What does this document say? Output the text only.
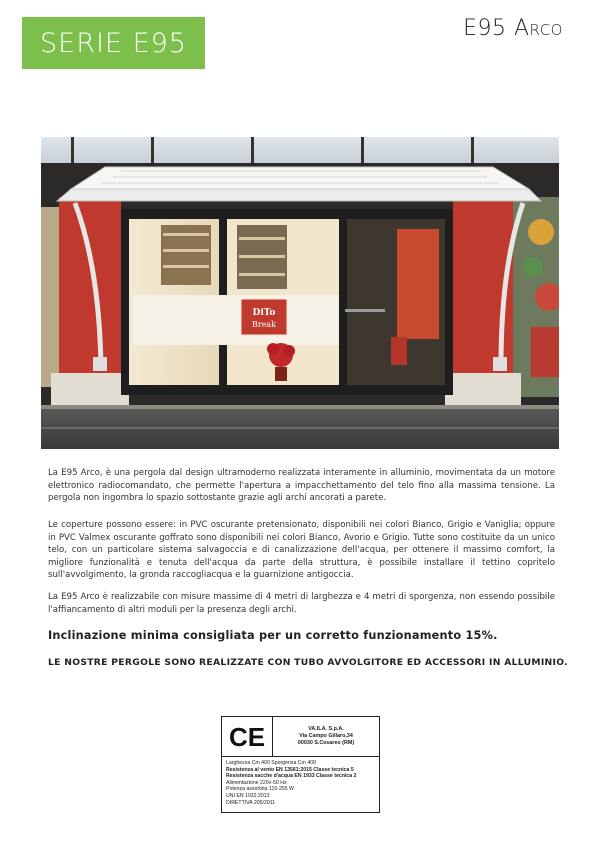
SERIE E95	E95 Arco
DiTo
Break
La E95 Arco, è una pergola dal design ultramoderno realizzata interamente in alluminio, movimentata da un motore elettronico radiocomandato, che permette l'apertura a impacchettamento del telo fino alla massima tensione. La pergola non ingombra lo spazio sottostante grazie agli archi ancorati a parete.
Le coperture possono essere: in PVC oscurante pretensionato, disponibili nei colori Bianco, Grigio e Vaniglia; oppure in PVC Valmex oscurante goffrato sono disponibili nei colori Bianco, Avorio e Grigio. Tutte sono costituite da un unico telo, con un particolare sistema salvagoccia e di canalizzazione dell'acqua, per ottenere il massimo comfort, la migliore funzionalità e tenuta dell'acqua da parte della struttura, è possibile installare il tettino copritelo sull'avvolgimento, la gronda raccogliacqua e la guarnizione antigoccia.
La E95 Arco è realizzabile con misure massime di 4 metri di larghezza e 4 metri di sporgenza, non essendo possibile l'affiancamento di altri moduli per la presenza degli archi.
Inclinazione minima consigliata per un corretto funzionamento 15%.
LE NOSTRE PERGOLE SONO REALIZZATE CON TUBO AVVOLGITORE ED ACCESSORI IN ALLUMINIO.
CE	VA.ILA. S.p.A.
Via Campo Gillaro,34
00030 S.Cesareo (RM)
Larghezza Cm 400 Sporgenza Cm 400
Resistenza al vento EN 13561:2015 Classe tecnica 5
Resistenza sacche d'acqua EN 1933 Classe tecnica 2
Alimentazione 220v-50 Hz
Potenza assorbita 115-255 W
UNI EN 1932:2013
DIRETTIVA 205/2011
